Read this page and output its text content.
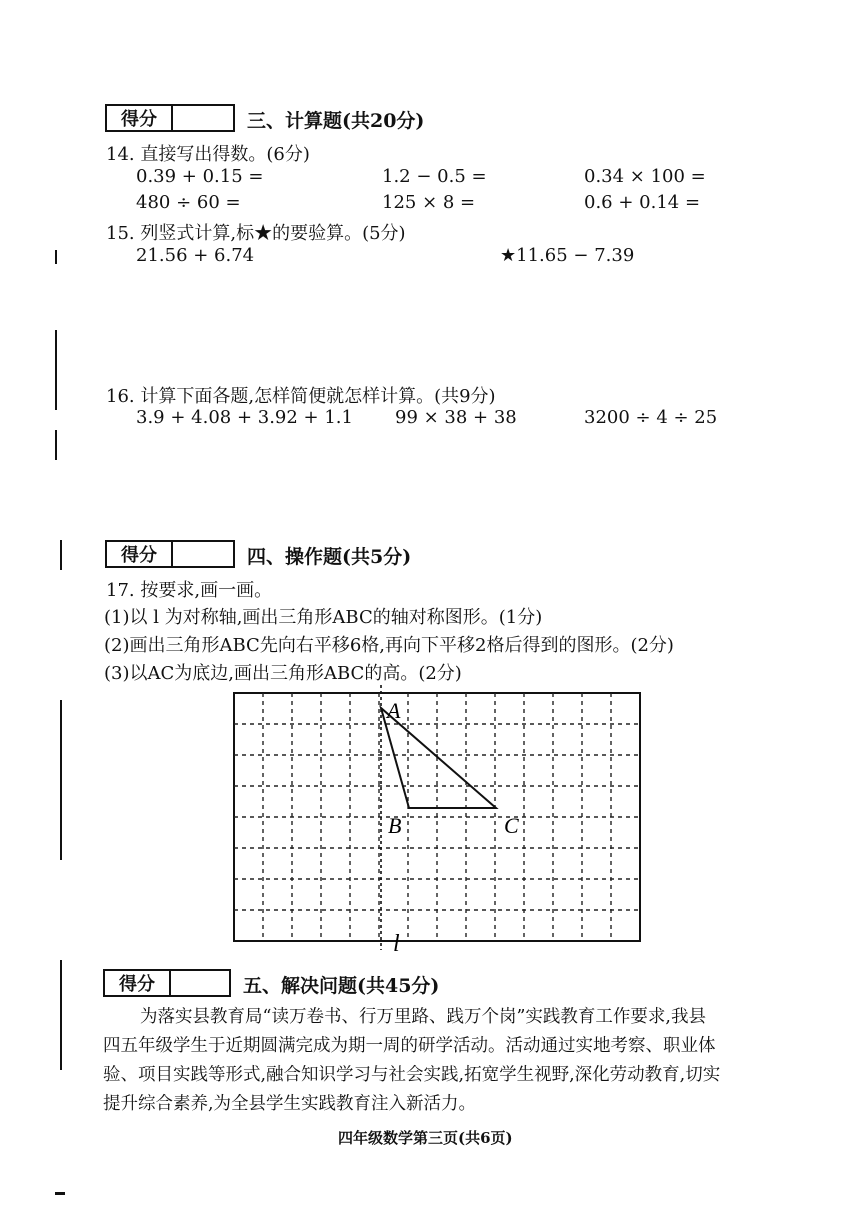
得分	三、计算题(共20分)
14. 直接写出得数。(6分)
0.39 + 0.15 =	1.2 − 0.5 =	0.34 × 100 =
480 ÷ 60 =	125 × 8 =	0.6 + 0.14 =
15. 列竖式计算,标★的要验算。(5分)
21.56 + 6.74	★11.65 − 7.39
16. 计算下面各题,怎样简便就怎样计算。(共9分)
3.9 + 4.08 + 3.92 + 1.1 99 × 38 + 38	3200 ÷ 4 ÷ 25
得分	四、操作题(共5分)
17. 按要求,画一画。
(1)以 l 为对称轴,画出三角形ABC的轴对称图形。(1分)
(2)画出三角形ABC先向右平移6格,再向下平移2格后得到的图形。(2分)
(3)以AC为底边,画出三角形ABC的高。(2分)
A
B	C
l
得分	五、解决问题(共45分)
为落实县教育局“读万卷书、行万里路、践万个岗”实践教育工作要求,我县
四五年级学生于近期圆满完成为期一周的研学活动。活动通过实地考察、职业体
验、项目实践等形式,融合知识学习与社会实践,拓宽学生视野,深化劳动教育,切实
提升综合素养,为全县学生实践教育注入新活力。
四年级数学第三页(共6页)
